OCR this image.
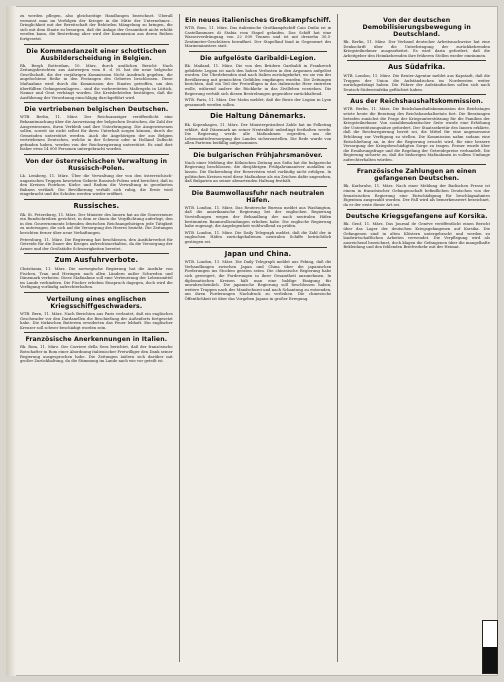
zu werden pflegen, also gleichzeitige Handlungen bezeichnet. Überall vermisst man im Verfolgen der Krieger in die Mitte der Unternehmer... Dringlichkeit mit der Bereitschaft der Behörden Mängelung zu bringen, die sich mit dem Staate zu besorgen, daß die Anlage der Gesamtheit nicht erhöht werden kann, die Bestrebung aber wird der Kommission aus deren Reihen fortgesetzt.

Die Kommandanzeit einer schottischen Ausbilderscheidung in Belgien.

Rk. Bergh Rotterdam, 10. März, durch amtlichen Bericht: Nach Zeitungsberichten aus Antwerpen vom 8. d. M. hat die neue belgische Gesellschaft, die der vorjährigen Kommission Nicht Ausdruck gegeben, die angefochtene Reihe in den Festungen des Gebietes beschlossen. Diese Maßnahme wird durch die Kommission des Staates getroffen, um den überfüllten Gefangenenlagern... sind die vorbereiteten Maßregeln in Lüttich, Namur und Gent verhängt worden. Die Kreisbehörden bestätigen, daß die Ausführung der Verordnung einschlägig durchgeführt wird.

Die vertriebenen belgischen Deutschen.

WTB. Berlin, 11. März. Der Reichsanzeiger veröffentlicht eine Bekanntmachung über die Ausweisung der belgischen Deutschen, die Zahl der Ausgewiesenen, ihren Verbleib und ihre Unterbringung. Die Ausgewiesenen sollen, soweit sie nicht selbst für ihren Unterhalt sorgen können, durch die Gemeinden unterstützt werden. Auch die Angehörigen der aus Belgien vertriebenen Deutschen, welche in der Schweiz oder in Holland Zuflucht gefunden haben, werden von der Reichsregierung unterstützt. Es sind dort bisher etwa 14 000 Personen untergebracht worden.

Von der österreichischen Verwaltung in Russisch-Polen.

Lk. Lemberg, 11. März. Über die Verwaltung der von den österreichisch-ungarischen Truppen besetzten Gebiete Russisch-Polens wird berichtet, daß in den Kreisen Piotrkow, Kielce und Radom die Verwaltung in geordneten Bahnen verläuft. Die Bevölkerung verhält sich ruhig, die Ernte wird eingebracht und die Schulen werden wieder eröffnet.

Russisches.

Rk. St. Petersburg, 11. März. Der Minister des Innern hat an die Gouverneure ein Rundschreiben gerichtet, in dem er ihnen die Verpflichtung auferlegt, den in den Gouvernements lebenden deutschen Reichsangehörigen jede Tätigkeit zu untersagen, die sich auf die Versorgung des Heeres bezieht. Die Zeitungen berichten ferner über neue Verhaftungen.

Petersburg, 11. März. Die Regierung hat beschlossen, den Ausfuhrverbot für Getreide für die Dauer des Krieges aufrechtzuerhalten, da die Versorgung der Armee und der Großstädte Schwierigkeiten bereitet.

Zum Ausfuhrverbote.

Christiania, 11. März. Die norwegische Regierung hat die Ausfuhr von Fischen, Tran und Heringen nach allen Ländern außer Schweden und Dänemark verboten. Diese Maßnahme soll eine Verteuerung der Lebensmittel im Lande verhindern. Die Fischer erheben Einspruch dagegen, doch wird die Verfügung vorläufig aufrechterhalten.

Verteilung eines englischen Kriegsschiffgeschwaders.

WTB. Bern, 11. März. Nach Berichten aus Paris verlautet, daß ein englisches Geschwader vor den Dardanellen die Beschießung der Außenforts fortgesetzt habe. Die türkischen Batterien erwiderten das Feuer lebhaft. Ein englischer Kreuzer soll schwer beschädigt worden sein.

Französische Anerkennungen in Italien.

Rk. Rom, 11. März. Der Corriere della Sera berichtet, daß der französische Botschafter in Rom einer Abordnung italienischer Freiwilliger den Dank seiner Regierung ausgesprochen habe. Die Zeitungen äußern sich darüber mit großer Zurückhaltung, da die Stimmung im Lande nach wie vor geteilt ist.

Ein neues italienisches Großkampfschiff.

WTB. Rom, 11. März. Das italienische Großkampfschiff Caio Duilio ist in Castellammare di Stabia vom Stapel gelaufen. Das Schiff hat eine Wasserverdrängung von 22 000 Tonnen und ist mit dreizehn 30,5-Zentimeter-Geschützen bewaffnet. Der Stapellauf fand in Gegenwart des Marineministers statt.

Die aufgelöste Garibaldi-Legion.

Rk. Mailand, 11. März. Die von den Brüdern Garibaldi in Frankreich gebildete Legion ist nach den hohen Verlusten in den Argonnen aufgelöst worden. Die Überlebenden sind nach Italien zurückgekehrt, wo sie von der Bevölkerung mit gemischten Gefühlen empfangen wurden. Die Zeitungen berichten, daß ein Teil der Freiwilligen in das italienische Heer eintreten wolle, während andere die Rückkehr in das Zivilleben vorziehen. Die Regierung verhält sich diesen Bestrebungen gegenüber zurückhaltend.

WTB. Paris, 11. März. Der Matin meldet, daß die Reste der Legion in Lyon gesammelt werden sollen.

Die Haltung Dänemarks.

Rk. Kopenhagen, 11. März. Der Ministerpräsident Zahle hat im Folketing erklärt, daß Dänemark an seiner Neutralität unbedingt festhalten werde. Die Regierung werde alle Maßnahmen ergreifen, um die Lebensmittelversorgung des Landes sicherzustellen. Die Rede wurde von allen Parteien beifällig aufgenommen.

Die bulgarischen Frühjahrsmanöver.

Nach einer Meldung der Kölnischen Zeitung aus Sofia hat die bulgarische Regierung beschlossen, die diesjährigen Frühjahrsmanöver ausfallen zu lassen. Die Einberufung der Reservisten wird vorläufig nicht erfolgen. In politischen Kreisen wird diese Maßnahme als ein Zeichen dafür angesehen, daß Bulgarien an seiner abwartenden Haltung festhält.

Die Baumwollausfuhr nach neutralen Häfen.

WTB. London, 11. März. Das Reutersche Bureau meldet aus Washington, daß die amerikanische Regierung bei der englischen Regierung Vorstellungen wegen der Behandlung der nach neutralen Häfen bestimmten Baumwollsendungen erhoben habe. Die englische Regierung habe zugesagt, die Angelegenheit wohlwollend zu prüfen.

WTB. London, 11. März. Die Daily Telegraph meldet, daß die Zahl der in englischen Häfen zurückgehaltenen neutralen Schiffe beträchtlich gestiegen sei.

Japan und China.

WTB. London, 11. März. Die Daily Telegraph meldet aus Peking, daß die Verhandlungen zwischen Japan und China über die japanischen Forderungen ins Stocken geraten seien. Die chinesische Regierung habe sich geweigert, die Forderungen in ihrer Gesamtheit anzunehmen. In diplomatischen Kreisen hält man eine baldige Einigung für unwahrscheinlich. Die japanische Regierung soll beschlossen haben, weitere Truppen nach der Mandschurei und nach Schantung zu entsenden, um ihren Forderungen Nachdruck zu verleihen. Die chinesische Öffentlichkeit ist über das Vorgehen Japans in großer Erregung.

Von der deutschen Demobilisierungsbewegung in Deutschland.

Rk. Berlin, 11. März. Der Verband deutscher Arbeitsnachweise hat eine Denkschrift über die Unterbringung der zurückkehrenden Kriegsteilnehmer ausgearbeitet. Es wird darin gefordert, daß die Arbeitgeber den Heimkehrenden ihre früheren Stellen wieder einräumen.

Aus Südafrika.

WTB. London, 11. März. Die Reuter-Agentur meldet aus Kapstadt, daß die Truppen der Union die Aufständischen im Nordwesten weiter zurückgedrängt haben. Die Führer der Aufständischen sollen sich nach Deutsch-Südwestafrika geflüchtet haben.

Aus der Reichshaushaltskommission.

WTB. Berlin, 11. März. Die Reichshaushaltskommission des Reichstages setzte heute die Beratung des Reichshaushaltsetats fort. Die Beratungen betrafen zunächst die Frage der Kriegsunterstützung für die Familien der Kriegsteilnehmer. Von sozialdemokratischer Seite wurde eine Erhöhung der Unterstützungssätze gefordert. Der Staatssekretär des Innern erklärte, daß die Reichsregierung bereit sei, die Mittel für eine angemessene Erhöhung zur Verfügung zu stellen. Die Kommission nahm sodann eine Entschließung an, in der die Regierung ersucht wird, für eine bessere Versorgung der Kriegsbeschädigten Sorge zu tragen. Ferner wurde über die Ernährungsfrage und die Regelung der Getreidepreise verhandelt. Die Regierung sicherte zu, daß die bisherigen Maßnahmen in vollem Umfange aufrechterhalten würden.

Französische Zahlungen an einen gefangenen Deutschen.

Rk. Karlsruhe, 11. März. Nach einer Meldung der Badischen Presse ist einem in französischer Gefangenschaft befindlichen Deutschen von der französischen Regierung eine Entschädigung für beschlagnahmtes Eigentum ausgezahlt worden. Der Fall wird als bemerkenswert bezeichnet, da er der erste dieser Art sei.

Deutsche Kriegsgefangene auf Korsika.

Rk. Genf, 11. März. Das Journal de Genève veröffentlicht einen Bericht über das Lager der deutschen Kriegsgefangenen auf Korsika. Die Gefangenen sind in alten Klöstern untergebracht und werden zu landwirtschaftlichen Arbeiten verwendet. Die Verpflegung wird als ausreichend bezeichnet, doch klagen die Gefangenen über die mangelhafte Bekleidung und den fehlenden Briefverkehr mit der Heimat.
